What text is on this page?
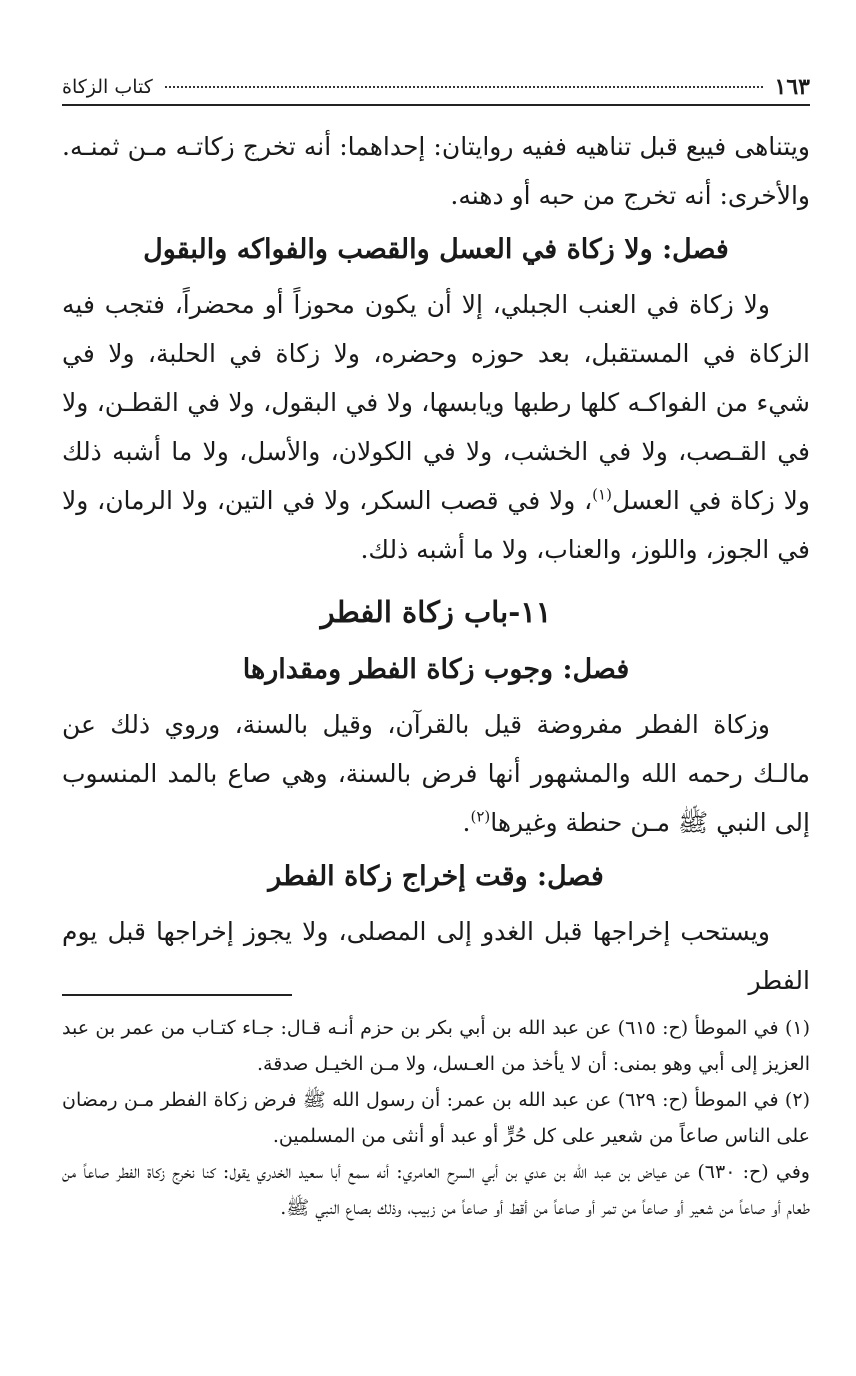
١٦٣
كتاب الزكاة

ويتناهى فيبع قبل تناهيه ففيه روايتان: إحداهما: أنه تخرج زكاتـه مـن ثمنـه. والأخرى: أنه تخرج من حبه أو دهنه.

فصل: ولا زكاة في العسل والقصب والفواكه والبقول

ولا زكاة في العنب الجبلي، إلا أن يكون محوزاً أو محضراً، فتجب فيه الزكاة في المستقبل، بعد حوزه وحضره، ولا زكاة في الحلبة، ولا في شيء من الفواكـه كلها رطبها ويابسها، ولا في البقول، ولا في القطـن، ولا في القـصب، ولا في الخشب، ولا في الكولان، والأسل، ولا ما أشبه ذلك ولا زكاة في العسل$^{(١)}$، ولا في قصب السكر، ولا في التين، ولا الرمان، ولا في الجوز، واللوز، والعناب، ولا ما أشبه ذلك.

١١-باب زكاة الفطر
فصل: وجوب زكاة الفطر ومقدارها

وزكاة الفطر مفروضة قيل بالقرآن، وقيل بالسنة، وروي ذلك عن مالـك رحمه الله والمشهور أنها فرض بالسنة، وهي صاع بالمد المنسوب إلى النبي ﷺ مـن حنطة وغيرها$^{(٢)}$.

فصل: وقت إخراج زكاة الفطر

ويستحب إخراجها قبل الغدو إلى المصلى، ولا يجوز إخراجها قبل يوم الفطر

(١) في الموطأ (ح: ٦١٥) عن عبد الله بن أبي بكر بن حزم أنـه قـال: جـاء كتـاب من عمر بن عبد العزيز إلى أبي وهو بمنى: أن لا يأخذ من العـسل، ولا مـن الخيـل صدقة.

(٢) في الموطأ (ح: ٦٢٩) عن عبد الله بن عمر: أن رسول الله ﷺ فرض زكاة الفطر مـن رمضان على الناس صاعاً من شعير على كل حُرٍّ أو عبد أو أنثى من المسلمين.

وفي (ح: ٦٣٠) عن عياض بن عبد الله بن عدي بن أبي السرح العامري: أنه سمع أبا سعيد الخدري يقول: كنا نخرج زكاة الفطر صاعاً من طعام أو صاعاً من شعير أو صاعاً من تمر أو صاعاً من أقط أو صاعاً من زبيب، وذلك بصاع النبي ﷺ.
